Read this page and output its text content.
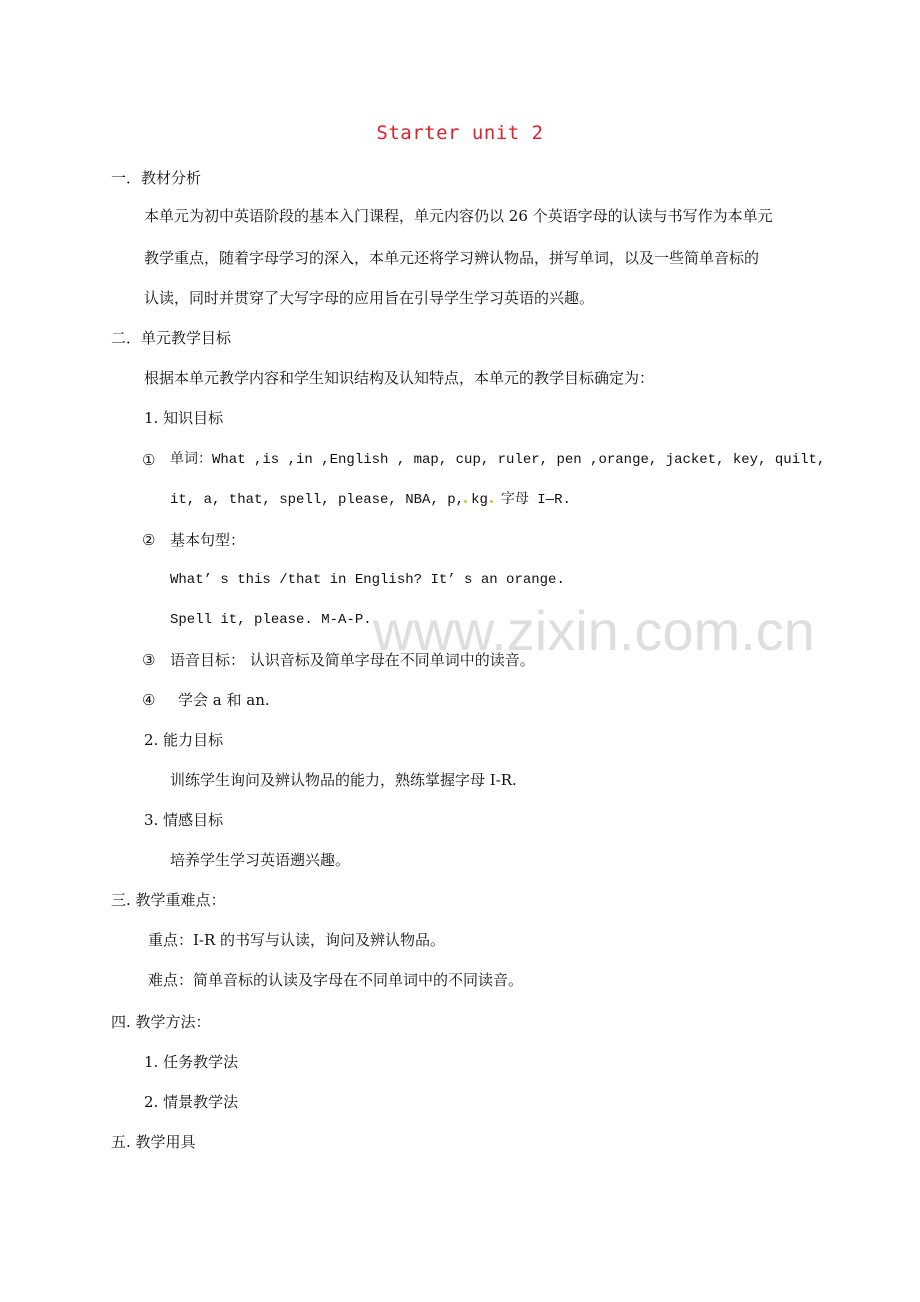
Starter unit 2
www.zixin.com.cn
一．教材分析
本单元为初中英语阶段的基本入门课程，单元内容仍以 26 个英语字母的认读与书写作为本单元
教学重点，随着字母学习的深入，本单元还将学习辨认物品，拼写单词，以及一些简单音标的
认读，同时并贯穿了大写字母的应用旨在引导学生学习英语的兴趣。
二．单元教学目标
根据本单元教学内容和学生知识结构及认知特点，本单元的教学目标确定为：
1. 知识目标
① 单词：What ,is ,in ,English , map, cup, ruler, pen ,orange, jacket, key, quilt,
it, a, that, spell, please, NBA, p, kg 字母 I—R.
② 基本句型：
What’ s this /that in English? It’ s an orange.
Spell it, please. M-A-P.
③ 语音目标： 认识音标及简单字母在不同单词中的读音。
④ 学会 a 和 an.
2. 能力目标
训练学生询问及辨认物品的能力，熟练掌握字母 I-R.
3. 情感目标
培养学生学习英语遡兴趣。
三. 教学重难点：
重点：I-R 的书写与认读，询问及辨认物品。
难点：简单音标的认读及字母在不同单词中的不同读音。
四. 教学方法：
1. 任务教学法
2. 情景教学法
五. 教学用具
